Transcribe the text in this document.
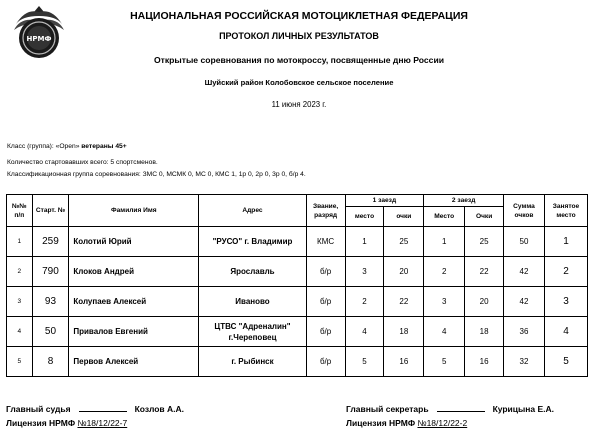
НРМФ
НАЦИОНАЛЬНАЯ РОССИЙСКАЯ МОТОЦИКЛЕТНАЯ ФЕДЕРАЦИЯ
ПРОТОКОЛ ЛИЧНЫХ РЕЗУЛЬТАТОВ
Открытые соревнования по мотокроссу, посвященные дню России
Шуйский район Колобовское сельское поселение
11 июня 2023 г.
Класс (группа): «Open» ветераны 45+
Количество стартовавших всего: 5 спортсменов.
Классификационная группа соревнования: ЗМС 0, МСМК 0, МС 0, КМС 1, 1р 0, 2р 0, 3р 0, б/р 4.
№№ п/п	Старт. №	Фамилия Имя	Адрес	Звание, разряд	1 заезд		2 заезд		Сумма очков	Занятое место
					место	очки	Место	Очки		
1	259	Колотий Юрий	"РУСО" г. Владимир	КМС	1	25	1	25	50	1
2	790	Клоков Андрей	Ярославль	б/р	3	20	2	22	42	2
3	93	Колупаев Алексей	Иваново	б/р	2	22	3	20	42	3
4	50	Привалов Евгений	ЦТВС "Адреналин"
г.Череповец	б/р	4	18	4	18	36	4
5	8	Первов Алексей	г. Рыбинск	б/р	5	16	5	16	32	5
Главный судья	Козлов А.А.
Лицензия НРМФ №18/12/22-7
Главный секретарь	Курицына Е.А.
Лицензия НРМФ №18/12/22-2
